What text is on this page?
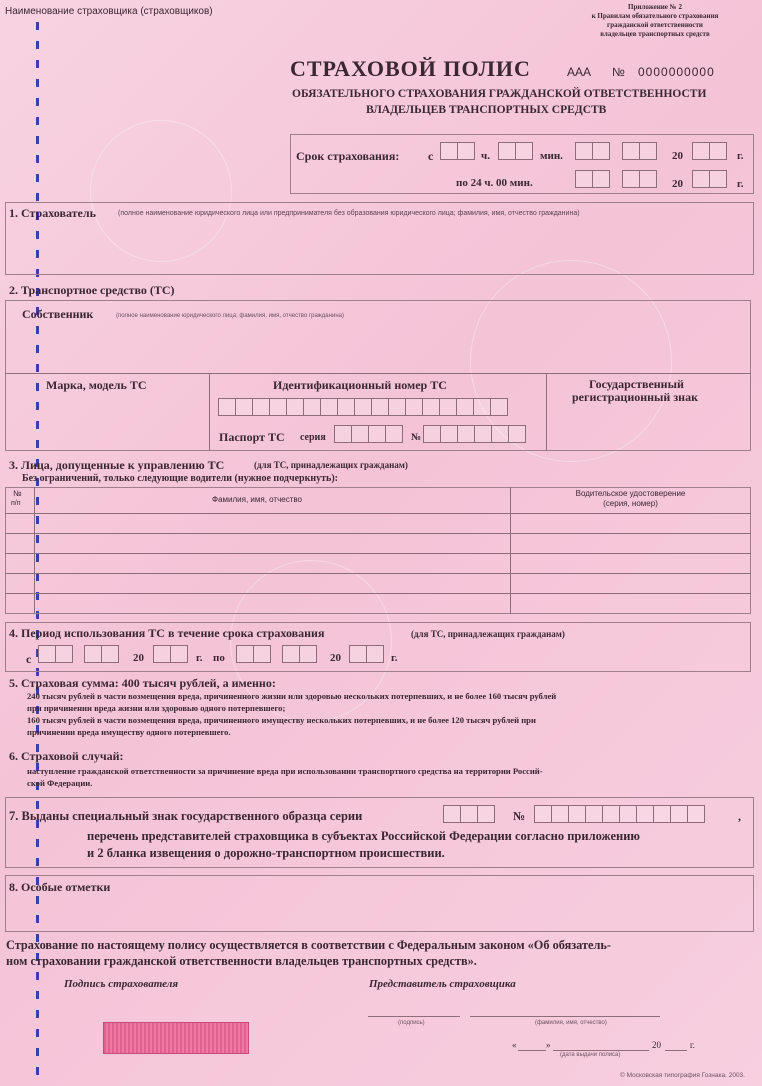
Наименование страховщика (страховщиков)	Приложение № 2
к Правилам обязательного страхования
гражданской ответственности
владельцев транспортных средств
СТРАХОВОЙ ПОЛИС	ААА № 0000000000
ОБЯЗАТЕЛЬНОГО СТРАХОВАНИЯ ГРАЖДАНСКОЙ ОТВЕТСТВЕННОСТИ
ВЛАДЕЛЬЦЕВ ТРАНСПОРТНЫХ СРЕДСТВ
Срок страхования: с	ч.	мин.	20	г.
по 24 ч. 00 мин.	20	г.
1. Страхователь	(полное наименование юридического лица или предпринимателя без образования юридического лица; фамилия, имя, отчество гражданина)
2. Транспортное средство (ТС)
Собственник	(полное наименование юридического лица; фамилия, имя, отчество гражданина)
Марка, модель ТС	Идентификационный номер ТС
Паспорт ТС серия	№
Государственный
регистрационный знак
3. Лица, допущенные к управлению ТС	(для ТС, принадлежащих гражданам)
Без ограничений, только следующие водители (нужное подчеркнуть):
№
п/п	Фамилия, имя, отчество
Водительское удостоверение
(серия, номер)
4. Период использования ТС в течение срока страхования	(для ТС, принадлежащих гражданам)
с	20	г. по	20	г.
5. Страховая сумма: 400 тысяч рублей, а именно:
240 тысяч рублей в части возмещения вреда, причиненного жизни или здоровью нескольких потерпевших, и не более 160 тысяч рублей
при причинении вреда жизни или здоровью одного потерпевшего;
160 тысяч рублей в части возмещения вреда, причиненного имуществу нескольких потерпевших, и не более 120 тысяч рублей при
причинении вреда имуществу одного потерпевшего.
6. Страховой случай:
наступление гражданской ответственности за причинение вреда при использовании транспортного средства на территории Россий-
ской Федерации.
7. Выданы специальный знак государственного образца серии	№	,
перечень представителей страховщика в субъектах Российской Федерации согласно приложению
и 2 бланка извещения о дорожно-транспортном происшествии.
8. Особые отметки
Страхование по настоящему полису осуществляется в соответствии с Федеральным законом «Об обязатель-
ном страховании гражданской ответственности владельцев транспортных средств».
Подпись страхователя	Представитель страховщика
(подпись)	(фамилия, имя, отчество)
«	»	20	г.
(дата выдачи полиса)
© Московская типография Гознака. 2003.
